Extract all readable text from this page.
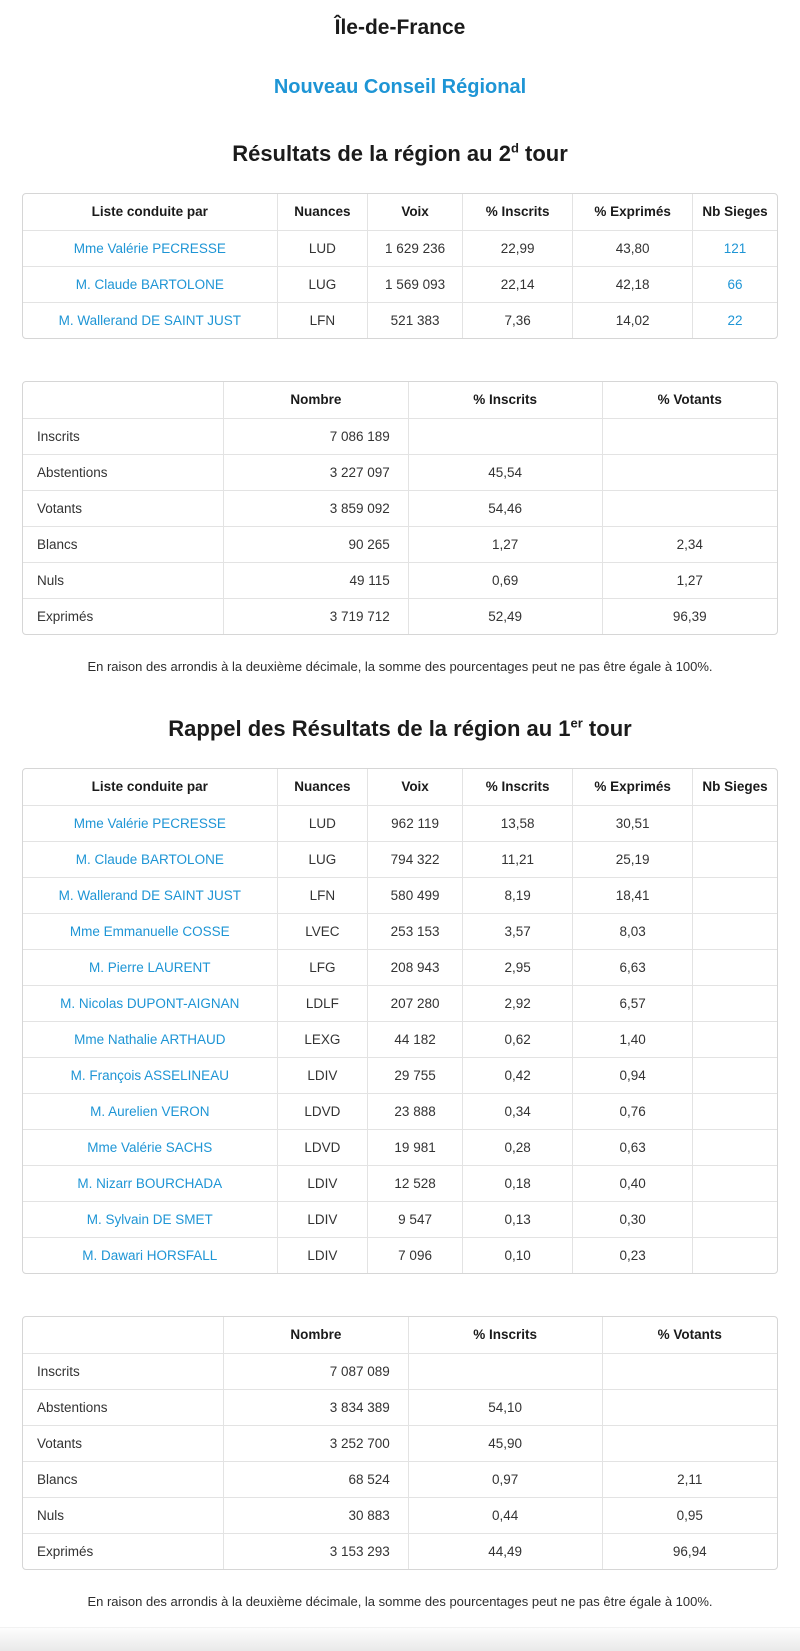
Île-de-France
Nouveau Conseil Régional
Résultats de la région au 2$^d$ tour
Liste conduite par	Nuances	Voix	% Inscrits	% Exprimés	Nb Sieges
Mme Valérie PECRESSE	LUD	1 629 236	22,99	43,80	121
M. Claude BARTOLONE	LUG	1 569 093	22,14	42,18	66
M. Wallerand DE SAINT JUST	LFN	521 383	7,36	14,02	22
	Nombre	% Inscrits	% Votants
Inscrits	7 086 189		
Abstentions	3 227 097	45,54	
Votants	3 859 092	54,46	
Blancs	90 265	1,27	2,34
Nuls	49 115	0,69	1,27
Exprimés	3 719 712	52,49	96,39

En raison des arrondis à la deuxième décimale, la somme des pourcentages peut ne pas être égale à 100%.

Rappel des Résultats de la région au 1er tour
Liste conduite par	Nuances	Voix	% Inscrits	% Exprimés	Nb Sieges
Mme Valérie PECRESSE	LUD	962 119	13,58	30,51	
M. Claude BARTOLONE	LUG	794 322	11,21	25,19	
M. Wallerand DE SAINT JUST	LFN	580 499	8,19	18,41	
Mme Emmanuelle COSSE	LVEC	253 153	3,57	8,03	
M. Pierre LAURENT	LFG	208 943	2,95	6,63	
M. Nicolas DUPONT-AIGNAN	LDLF	207 280	2,92	6,57	
Mme Nathalie ARTHAUD	LEXG	44 182	0,62	1,40	
M. François ASSELINEAU	LDIV	29 755	0,42	0,94	
M. Aurelien VERON	LDVD	23 888	0,34	0,76	
Mme Valérie SACHS	LDVD	19 981	0,28	0,63	
M. Nizarr BOURCHADA	LDIV	12 528	0,18	0,40	
M. Sylvain DE SMET	LDIV	9 547	0,13	0,30	
M. Dawari HORSFALL	LDIV	7 096	0,10	0,23	
	Nombre	% Inscrits	% Votants
Inscrits	7 087 089		
Abstentions	3 834 389	54,10	
Votants	3 252 700	45,90	
Blancs	68 524	0,97	2,11
Nuls	30 883	0,44	0,95
Exprimés	3 153 293	44,49	96,94

En raison des arrondis à la deuxième décimale, la somme des pourcentages peut ne pas être égale à 100%.
